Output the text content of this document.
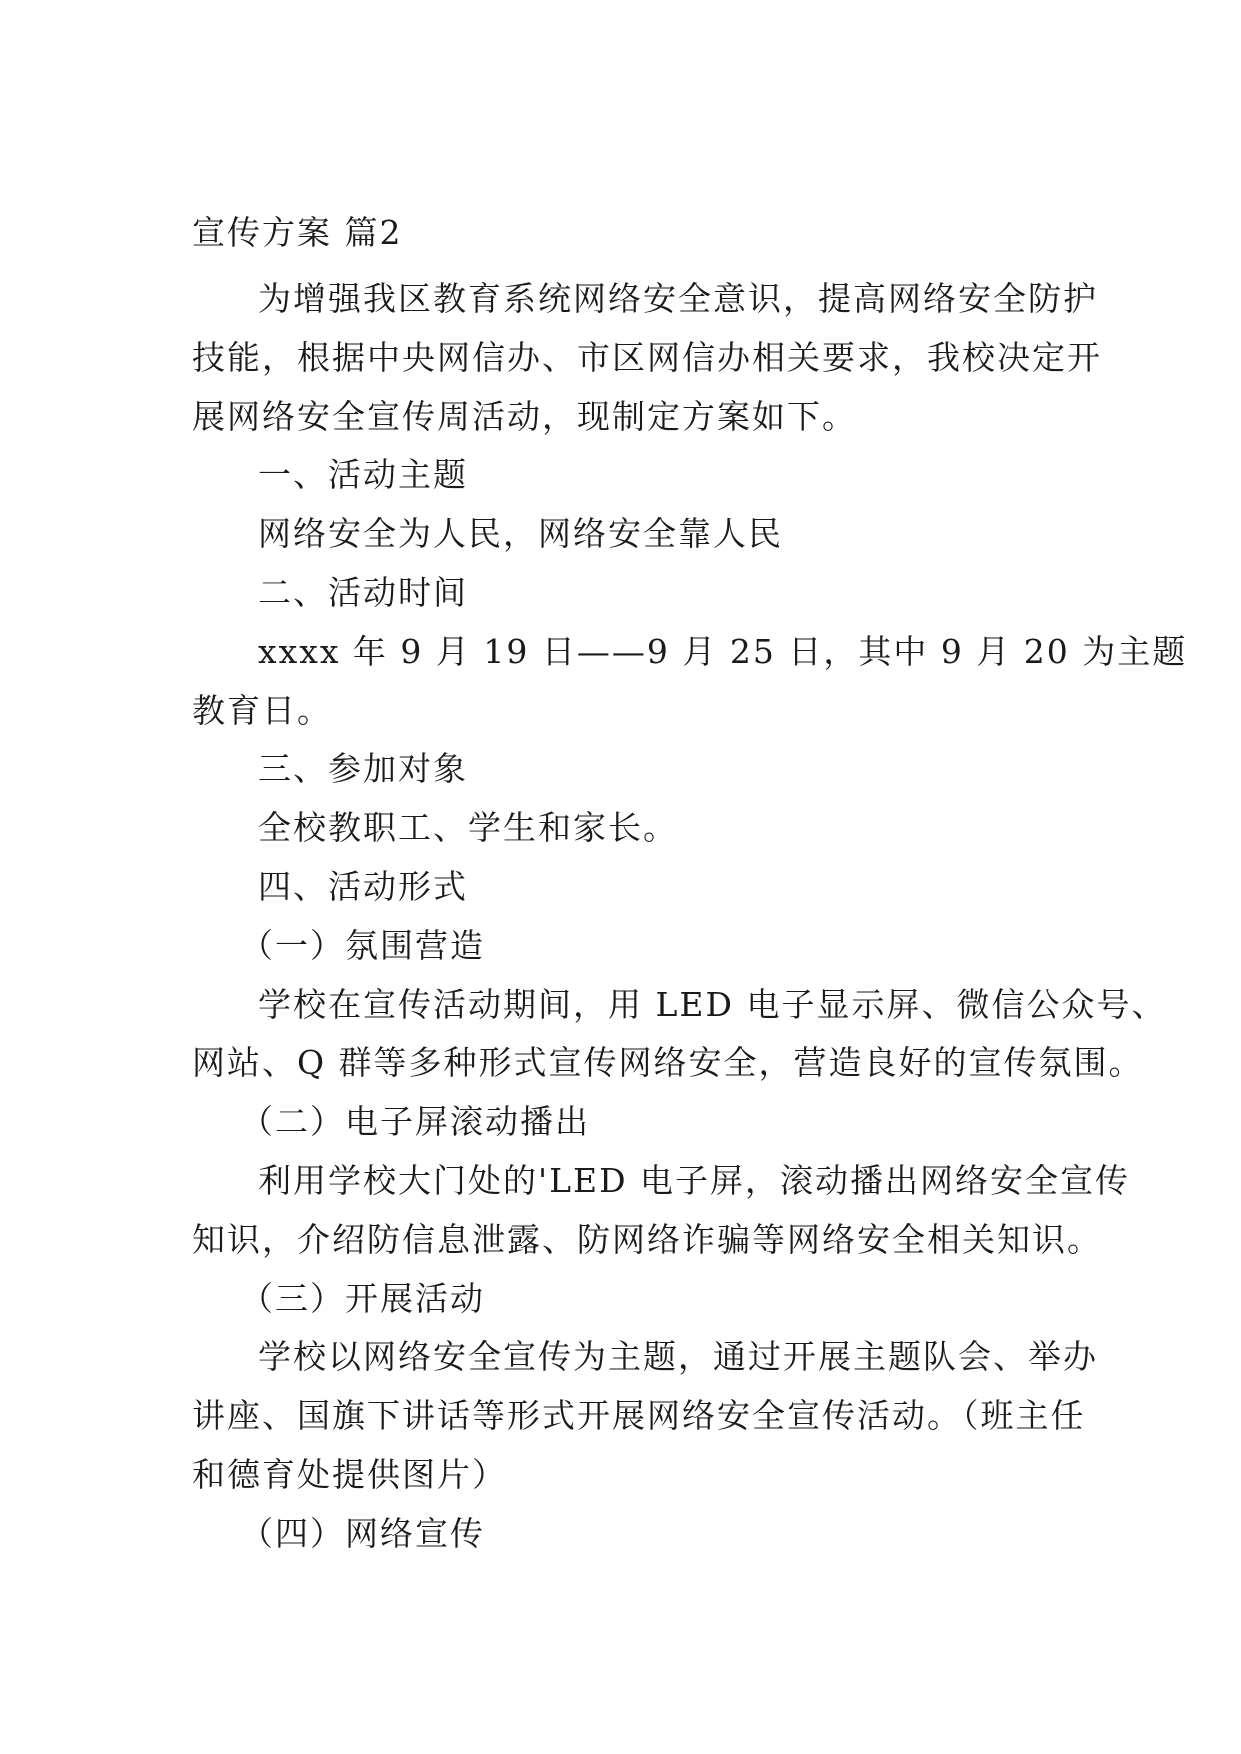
宣传方案 篇2
为增强我区教育系统网络安全意识，提高网络安全防护
技能，根据中央网信办、市区网信办相关要求，我校决定开
展网络安全宣传周活动，现制定方案如下。
一、活动主题
网络安全为人民，网络安全靠人民
二、活动时间
xxxx 年 9 月 19 日——9 月 25 日，其中 9 月 20 为主题
教育日。
三、参加对象
全校教职工、学生和家长。
四、活动形式
（一）氛围营造
学校在宣传活动期间，用 LED 电子显示屏、微信公众号、
网站、Q 群等多种形式宣传网络安全，营造良好的宣传氛围。
（二）电子屏滚动播出
利用学校大门处的'LED 电子屏，滚动播出网络安全宣传
知识，介绍防信息泄露、防网络诈骗等网络安全相关知识。
（三）开展活动
学校以网络安全宣传为主题，通过开展主题队会、举办
讲座、国旗下讲话等形式开展网络安全宣传活动。（班主任
和德育处提供图片）
（四）网络宣传
